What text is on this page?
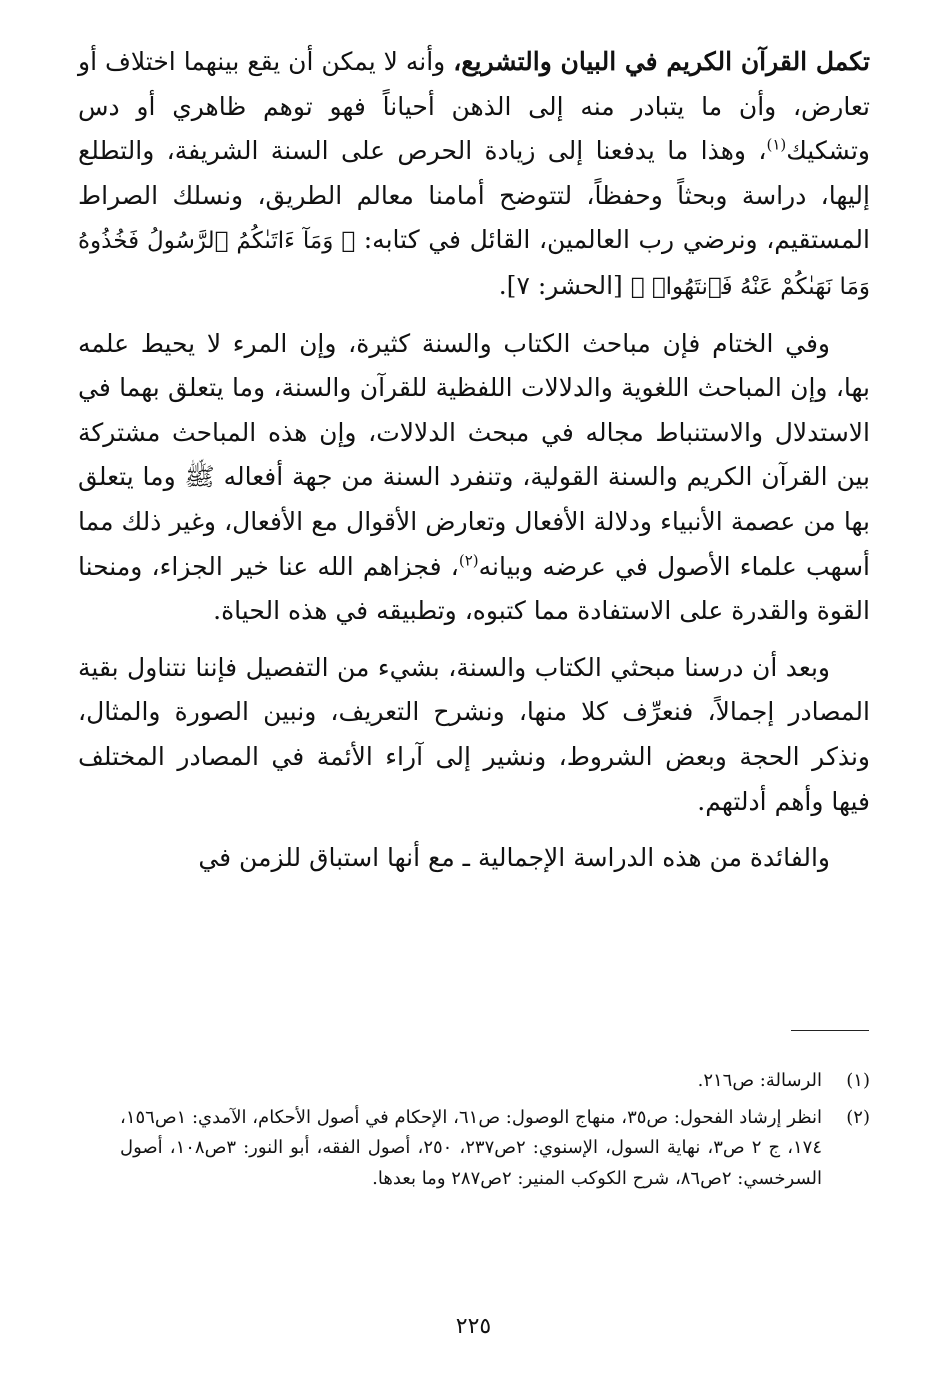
تكمل القرآن الكريم في البيان والتشريع، وأنه لا يمكن أن يقع بينهما اختلاف أو تعارض، وأن ما يتبادر منه إلى الذهن أحياناً فهو توهم ظاهري أو دس وتشكيك$^{(١)}$، وهذا ما يدفعنا إلى زيادة الحرص على السنة الشريفة، والتطلع إليها، دراسة وبحثاً وحفظاً، لتتوضح أمامنا معالم الطريق، ونسلك الصراط المستقيم، ونرضي رب العالمين، القائل في كتابه: ﴿ وَمَآ ءَاتَىٰكُمُ ٱلرَّسُولُ فَخُذُوهُ وَمَا نَهَىٰكُمْ عَنْهُ فَٱنتَهُوا۟ ﴾ [الحشر: ٧].

وفي الختام فإن مباحث الكتاب والسنة كثيرة، وإن المرء لا يحيط علمه بها، وإن المباحث اللغوية والدلالات اللفظية للقرآن والسنة، وما يتعلق بهما في الاستدلال والاستنباط مجاله في مبحث الدلالات، وإن هذه المباحث مشتركة بين القرآن الكريم والسنة القولية، وتنفرد السنة من جهة أفعاله ﷺ وما يتعلق بها من عصمة الأنبياء ودلالة الأفعال وتعارض الأقوال مع الأفعال، وغير ذلك مما أسهب علماء الأصول في عرضه وبيانه$^{(٢)}$، فجزاهم الله عنا خير الجزاء، ومنحنا القوة والقدرة على الاستفادة مما كتبوه، وتطبيقه في هذه الحياة.

وبعد أن درسنا مبحثي الكتاب والسنة، بشيء من التفصيل فإننا نتناول بقية المصادر إجمالاً، فنعرِّف كلا منها، ونشرح التعريف، ونبين الصورة والمثال، ونذكر الحجة وبعض الشروط، ونشير إلى آراء الأئمة في المصادر المختلف فيها وأهم أدلتهم.

والفائدة من هذه الدراسة الإجمالية ـ مع أنها استباق للزمن في

(١)
الرسالة: ص٢١٦.
(٢)
انظر إرشاد الفحول: ص٣٥، منهاج الوصول: ص٦١، الإحكام في أصول الأحكام، الآمدي: ١ص١٥٦، ١٧٤، ج ٢ ص٣، نهاية السول، الإسنوي: ٢ص٢٣٧، ٢٥٠، أصول الفقه، أبو النور: ٣ص١٠٨، أصول السرخسي: ٢ص٨٦، شرح الكوكب المنير: ٢ص٢٨٧ وما بعدها.
٢٢٥
